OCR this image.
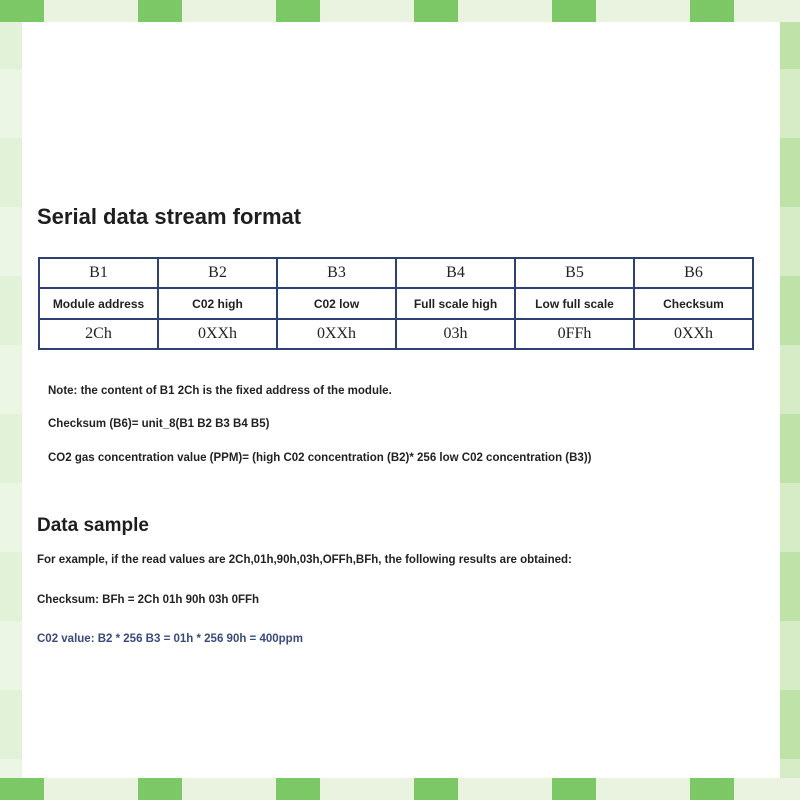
Serial data stream format
B1	B2	B3	B4	B5	B6
Module address	C02 high	C02 low	Full scale high	Low full scale	Checksum
2Ch	0XXh	0XXh	03h	0FFh	0XXh
Note: the content of B1 2Ch is the fixed address of the module.
Checksum (B6)= unit_8(B1 B2 B3 B4 B5)
CO2 gas concentration value (PPM)= (high C02 concentration (B2)* 256 low C02 concentration (B3))
Data sample
For example, if the read values are 2Ch,01h,90h,03h,OFFh,BFh, the following results are obtained:
Checksum: BFh = 2Ch 01h 90h 03h 0FFh
C02 value: B2 * 256 B3 = 01h * 256 90h = 400ppm
